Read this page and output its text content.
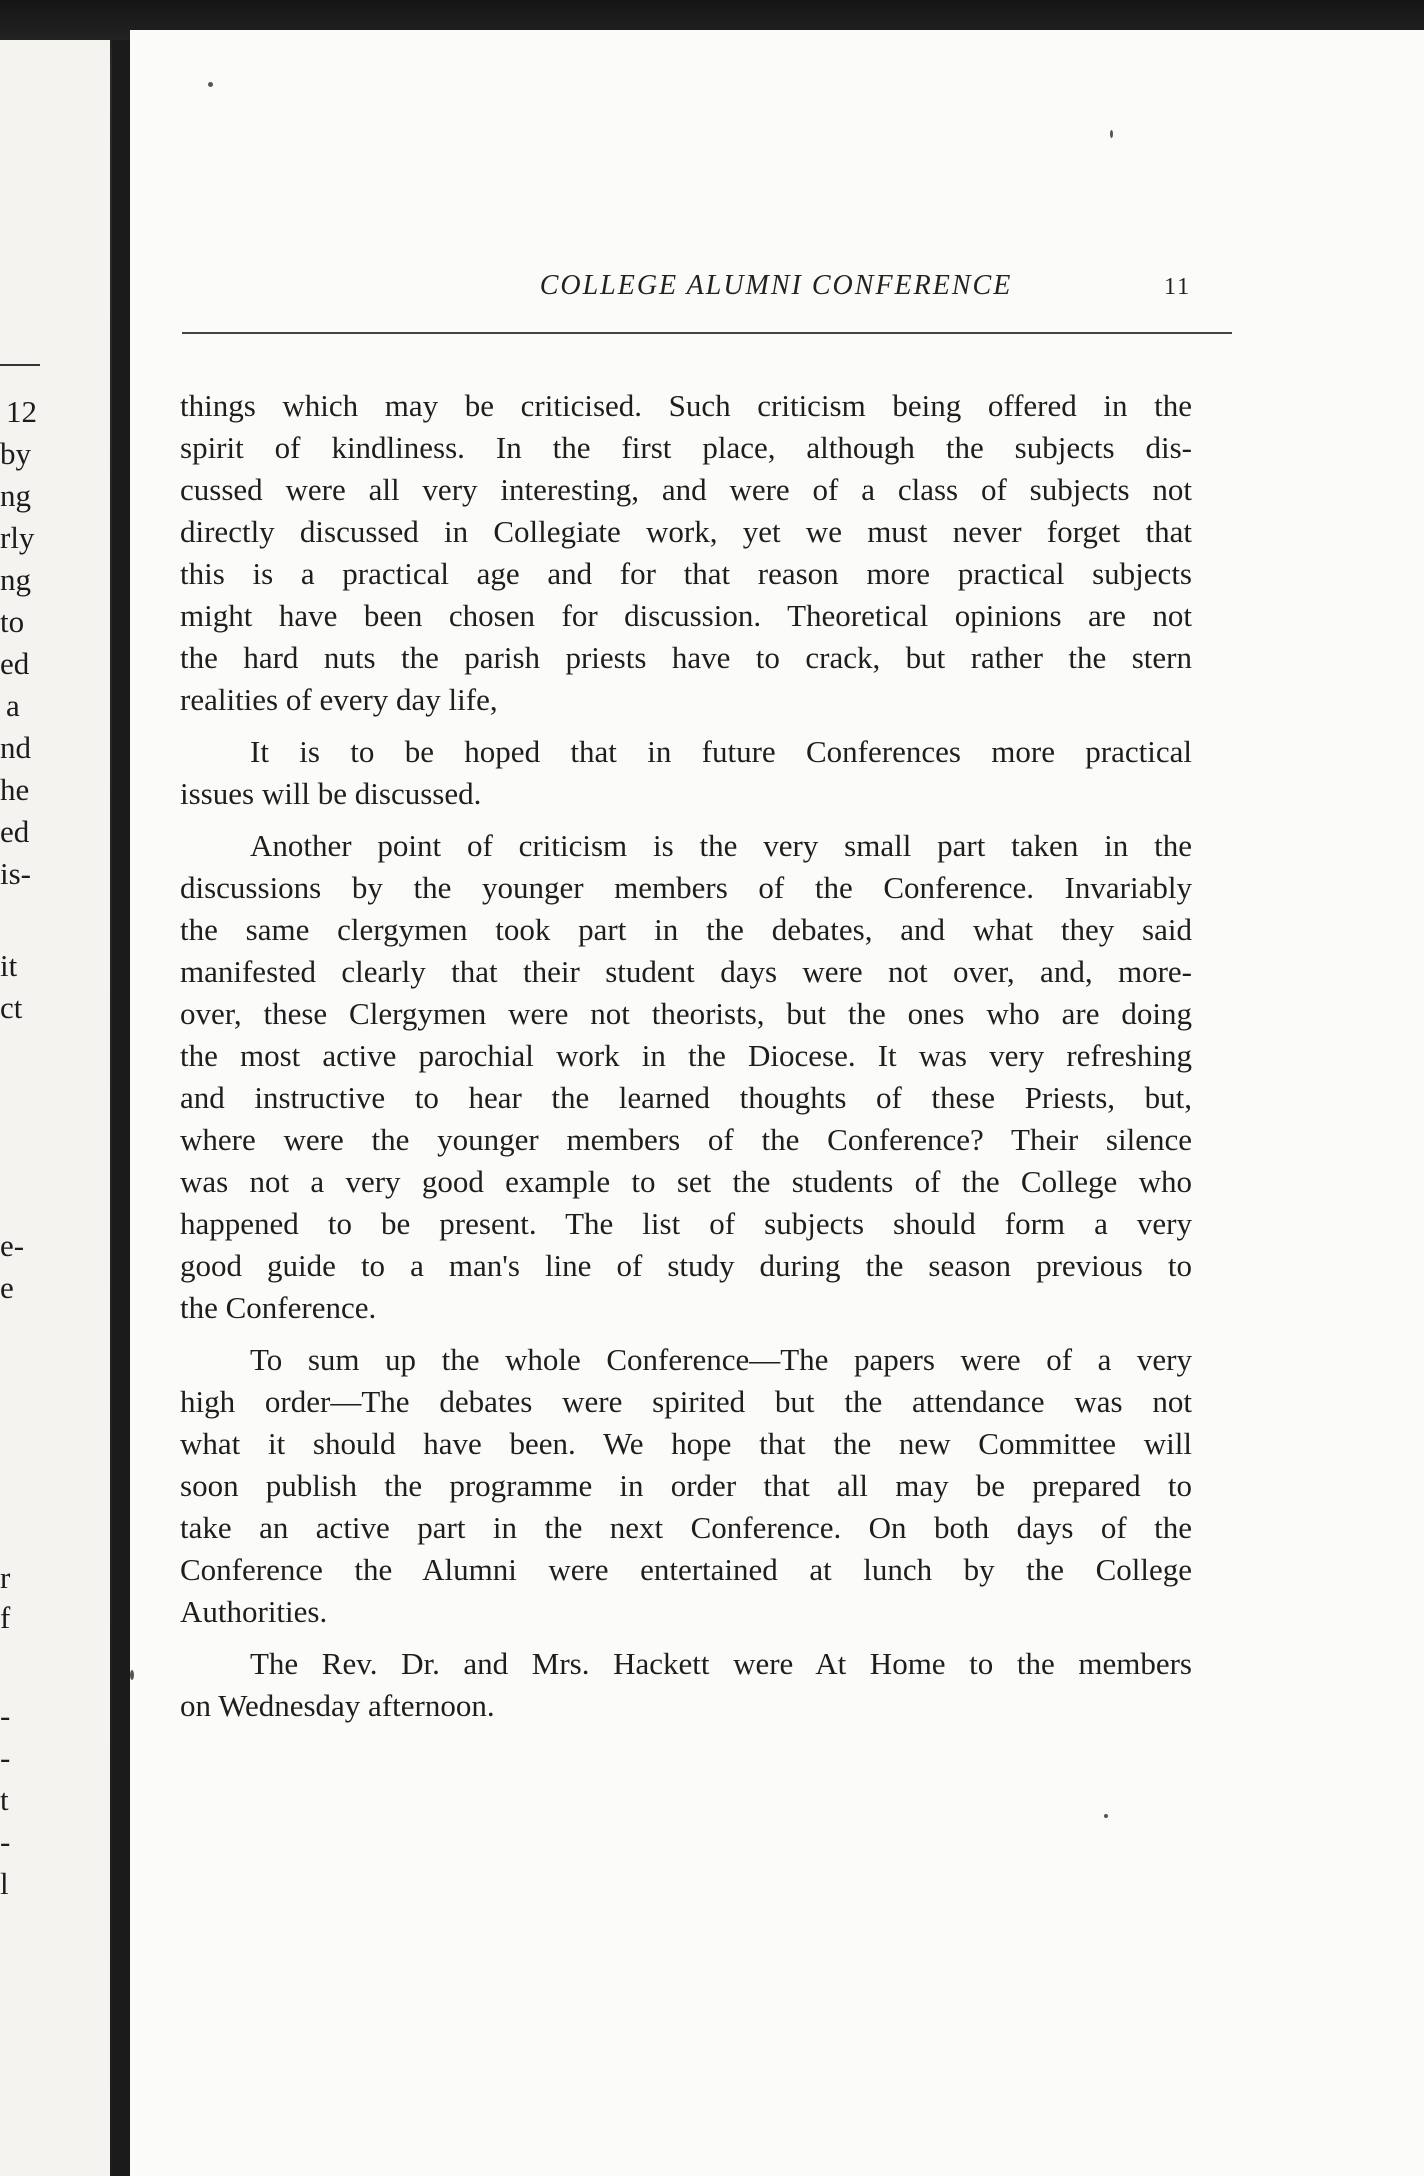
12
by
ng
rly
ng
to
ed
a
nd
he
ed
is-
it
ct
e-
e
r
f
-
-
t
-
l
COLLEGE ALUMNI CONFERENCE	11
things which may be criticised. Such criticism being offered in the
spirit of kindliness. In the first place, although the subjects dis-
cussed were all very interesting, and were of a class of subjects not
directly discussed in Collegiate work, yet we must never forget that
this is a practical age and for that reason more practical subjects
might have been chosen for discussion. Theoretical opinions are not
the hard nuts the parish priests have to crack, but rather the stern
realities of every day life,
It is to be hoped that in future Conferences more practical
issues will be discussed.
Another point of criticism is the very small part taken in the
discussions by the younger members of the Conference. Invariably
the same clergymen took part in the debates, and what they said
manifested clearly that their student days were not over, and, more-
over, these Clergymen were not theorists, but the ones who are doing
the most active parochial work in the Diocese. It was very refreshing
and instructive to hear the learned thoughts of these Priests, but,
where were the younger members of the Conference? Their silence
was not a very good example to set the students of the College who
happened to be present. The list of subjects should form a very
good guide to a man's line of study during the season previous to
the Conference.
To sum up the whole Conference—The papers were of a very
high order—The debates were spirited but the attendance was not
what it should have been. We hope that the new Committee will
soon publish the programme in order that all may be prepared to
take an active part in the next Conference. On both days of the
Conference the Alumni were entertained at lunch by the College
Authorities.
The Rev. Dr. and Mrs. Hackett were At Home to the members
on Wednesday afternoon.
